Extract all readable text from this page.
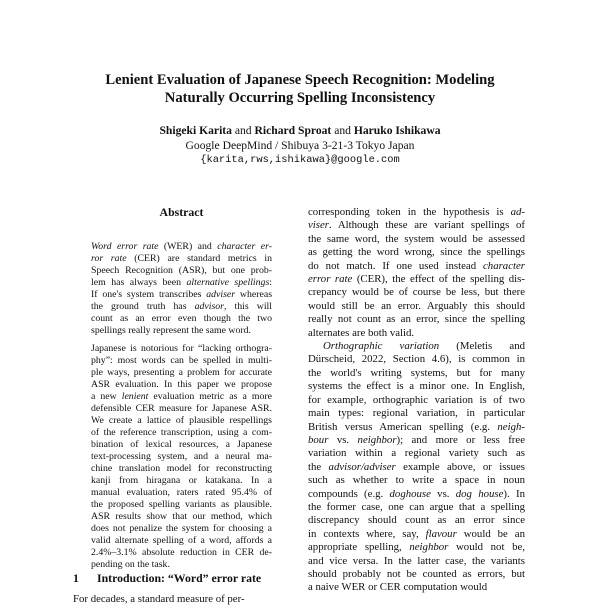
Lenient Evaluation of Japanese Speech Recognition: Modeling
Naturally Occurring Spelling Inconsistency
Shigeki Karita and Richard Sproat and Haruko Ishikawa
Google DeepMind / Shibuya 3-21-3 Tokyo Japan
{karita,rws,ishikawa}@google.com
Abstract
Word error rate (WER) and character er-
ror rate (CER) are standard metrics in
Speech Recognition (ASR), but one prob-
lem has always been alternative spellings:
If one's system transcribes adviser whereas
the ground truth has advisor, this will
count as an error even though the two
spellings really represent the same word.
Japanese is notorious for “lacking orthogra-
phy”: most words can be spelled in multi-
ple ways, presenting a problem for accurate
ASR evaluation. In this paper we propose
a new lenient evaluation metric as a more
defensible CER measure for Japanese ASR.
We create a lattice of plausible respellings
of the reference transcription, using a com-
bination of lexical resources, a Japanese
text-processing system, and a neural ma-
chine translation model for reconstructing
kanji from hiragana or katakana. In a
manual evaluation, raters rated 95.4% of
the proposed spelling variants as plausible.
ASR results show that our method, which
does not penalize the system for choosing a
valid alternate spelling of a word, affords a
2.4%–3.1% absolute reduction in CER de-
pending on the task.
1 Introduction: “Word” error rate
For decades, a standard measure of per-
corresponding token in the hypothesis is ad-
viser. Although these are variant spellings of
the same word, the system would be assessed
as getting the word wrong, since the spellings
do not match. If one used instead character
error rate (CER), the effect of the spelling dis-
crepancy would be of course be less, but there
would still be an error. Arguably this should
really not count as an error, since the spelling
alternates are both valid.
Orthographic variation (Meletis and
Dürscheid, 2022, Section 4.6), is common in
the world's writing systems, but for many
systems the effect is a minor one. In English,
for example, orthographic variation is of two
main types: regional variation, in particular
British versus American spelling (e.g. neigh-
bour vs. neighbor); and more or less free
variation within a regional variety such as
the advisor/adviser example above, or issues
such as whether to write a space in noun
compounds (e.g. doghouse vs. dog house). In
the former case, one can argue that a spelling
discrepancy should count as an error since
in contexts where, say, flavour would be an
appropriate spelling, neighbor would not be,
and vice versa. In the latter case, the variants
should probably not be counted as errors, but
a naive WER or CER computation would
